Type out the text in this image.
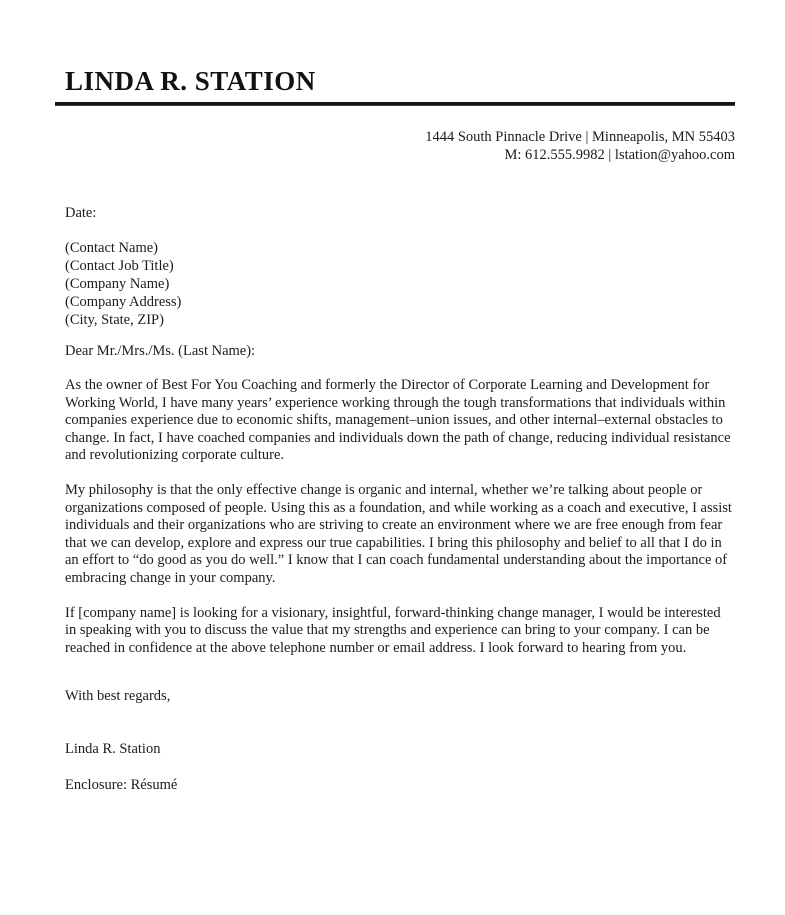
LINDA R. STATION
1444 South Pinnacle Drive | Minneapolis, MN 55403
M: 612.555.9982 | lstation@yahoo.com
Date:
(Contact Name)
(Contact Job Title)
(Company Name)
(Company Address)
(City, State, ZIP)
Dear Mr./Mrs./Ms. (Last Name):

As the owner of Best For You Coaching and formerly the Director of Corporate Learning and Development for Working World, I have many years’ experience working through the tough transformations that individuals within companies experience due to economic shifts, management–union issues, and other internal–external obstacles to change. In fact, I have coached companies and individuals down the path of change, reducing individual resistance and revolutionizing corporate culture.

My philosophy is that the only effective change is organic and internal, whether we’re talking about people or organizations composed of people. Using this as a foundation, and while working as a coach and executive, I assist individuals and their organizations who are striving to create an environment where we are free enough from fear that we can develop, explore and express our true capabilities. I bring this philosophy and belief to all that I do in an effort to “do good as you do well.” I know that I can coach fundamental understanding about the importance of embracing change in your company.

If [company name] is looking for a visionary, insightful, forward-thinking change manager, I would be interested in speaking with you to discuss the value that my strengths and experience can bring to your company. I can be reached in confidence at the above telephone number or email address. I look forward to hearing from you.

With best regards,
Linda R. Station
Enclosure: Résumé
